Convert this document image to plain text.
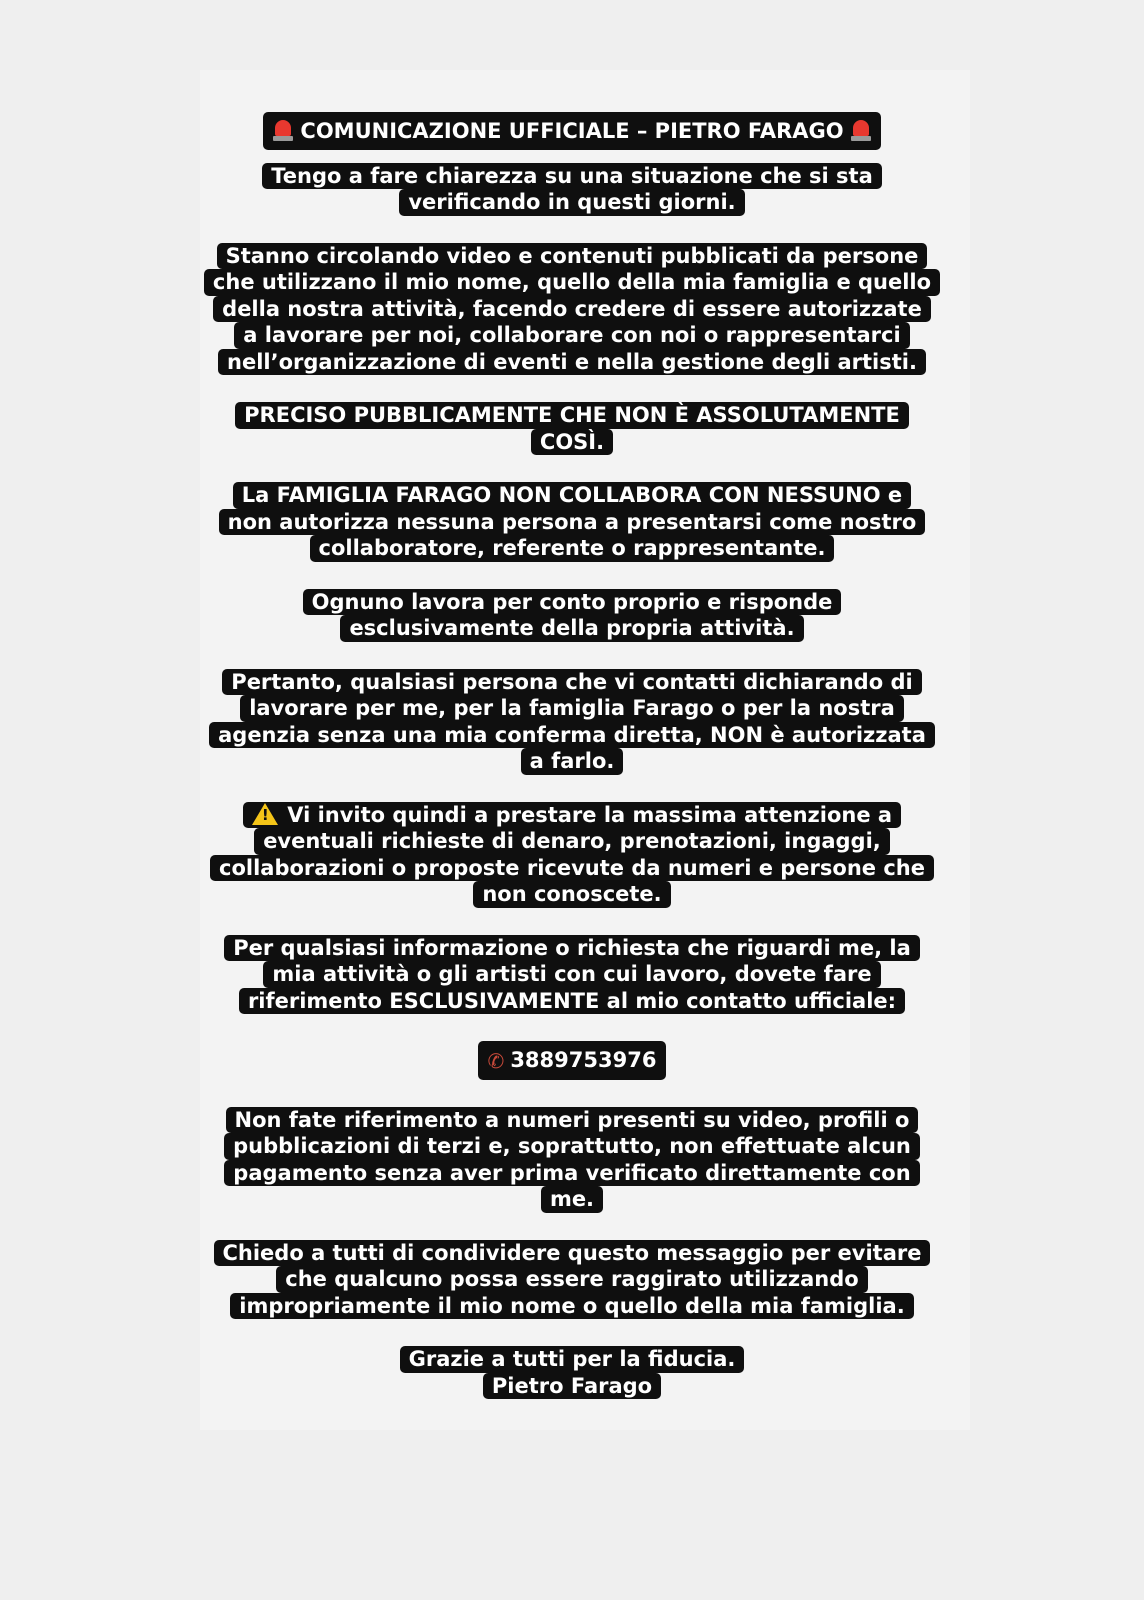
COMUNICAZIONE UFFICIALE – PIETRO FARAGO
Tengo a fare chiarezza su una situazione che si sta
verificando in questi giorni.
Stanno circolando video e contenuti pubblicati da persone
che utilizzano il mio nome, quello della mia famiglia e quello
della nostra attività, facendo credere di essere autorizzate
a lavorare per noi, collaborare con noi o rappresentarci
nell’organizzazione di eventi e nella gestione degli artisti.
PRECISO PUBBLICAMENTE CHE NON È ASSOLUTAMENTE
COSÌ.
La FAMIGLIA FARAGO NON COLLABORA CON NESSUNO e
non autorizza nessuna persona a presentarsi come nostro
collaboratore, referente o rappresentante.
Ognuno lavora per conto proprio e risponde
esclusivamente della propria attività.
Pertanto, qualsiasi persona che vi contatti dichiarando di
lavorare per me, per la famiglia Farago o per la nostra
agenzia senza una mia conferma diretta, NON è autorizzata
a farlo.
! Vi invito quindi a prestare la massima attenzione a
eventuali richieste di denaro, prenotazioni, ingaggi,
collaborazioni o proposte ricevute da numeri e persone che
non conoscete.
Per qualsiasi informazione o richiesta che riguardi me, la
mia attività o gli artisti con cui lavoro, dovete fare
riferimento ESCLUSIVAMENTE al mio contatto ufficiale:
✆ 3889753976
Non fate riferimento a numeri presenti su video, profili o
pubblicazioni di terzi e, soprattutto, non effettuate alcun
pagamento senza aver prima verificato direttamente con
me.
Chiedo a tutti di condividere questo messaggio per evitare
che qualcuno possa essere raggirato utilizzando
impropriamente il mio nome o quello della mia famiglia.
Grazie a tutti per la fiducia.
Pietro Farago
